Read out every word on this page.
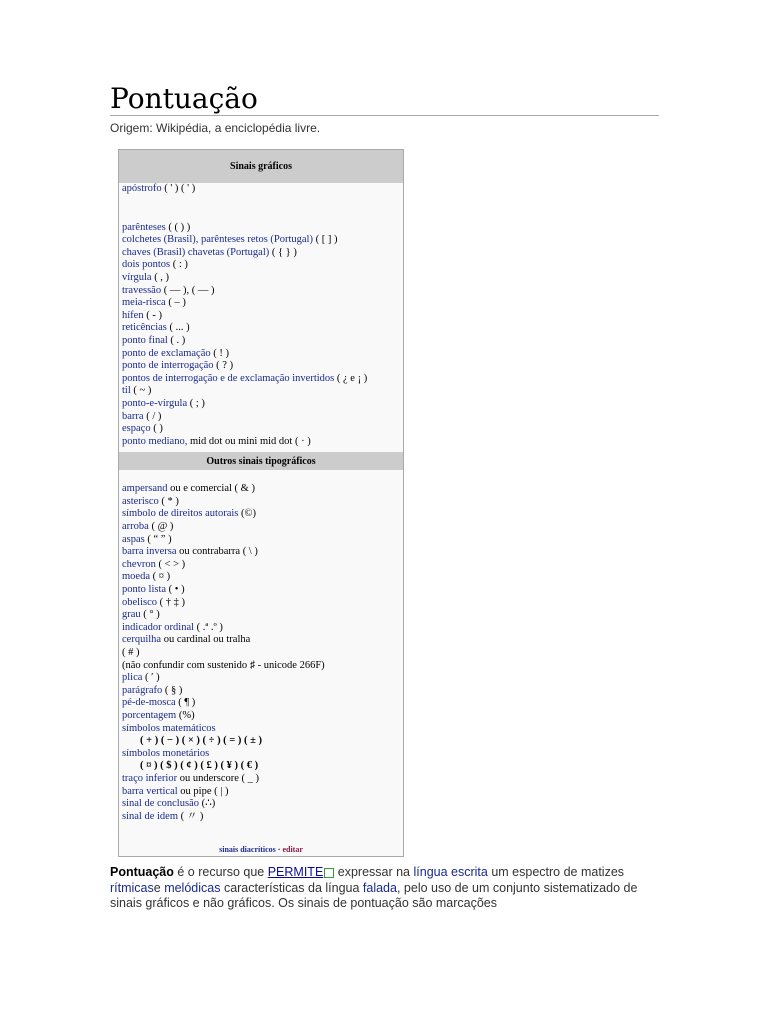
Pontuação
Origem: Wikipédia, a enciclopédia livre.
Sinais gráficos
apóstrofo ( ' ) ( ' )
parênteses ( ( ) )
colchetes (Brasil), parênteses retos (Portugal) ( [ ] )
chaves (Brasil) chavetas (Portugal) ( { } )
dois pontos ( : )
vírgula ( , )
travessão ( — ), ( — )
meia-risca ( – )
hífen ( - )
reticências ( ... )
ponto final ( . )
ponto de exclamação ( ! )
ponto de interrogação ( ? )
pontos de interrogação e de exclamação invertidos ( ¿ e ¡ )
til ( ~ )
ponto-e-vírgula ( ; )
barra ( / )
espaço ( )
ponto mediano, mid dot ou mini mid dot ( · )
Outros sinais tipográficos
ampersand ou e comercial ( & )
asterisco ( * )
símbolo de direitos autorais (©)
arroba ( @ )
aspas ( “ ” )
barra inversa ou contrabarra ( \ )
chevron ( < > )
moeda ( ¤ )
ponto lista ( • )
obelisco ( † ‡ )
grau ( ° )
indicador ordinal ( .ª .º )
cerquilha ou cardinal ou tralha
( # )
(não confundir com sustenido ♯ - unicode 266F)
plica ( ′ )
parágrafo ( § )
pé-de-mosca ( ¶ )
porcentagem (%)
símbolos matemáticos
( + ) ( − ) ( × ) ( ÷ ) ( = ) ( ± )
símbolos monetários
( ¤ ) ( $ ) ( ¢ ) ( £ ) ( ¥ ) ( € )
traço inferior ou underscore ( _ )
barra vertical ou pipe ( | )
sinal de conclusão (∴)
sinal de idem ( 〃 )
sinais diacríticos · editar
Pontuação é o recurso que PERMITE expressar na língua escrita um espectro de matizes rítmicase melódicas características da língua falada, pelo uso de um conjunto sistematizado de sinais gráficos e não gráficos. Os sinais de pontuação são marcações
